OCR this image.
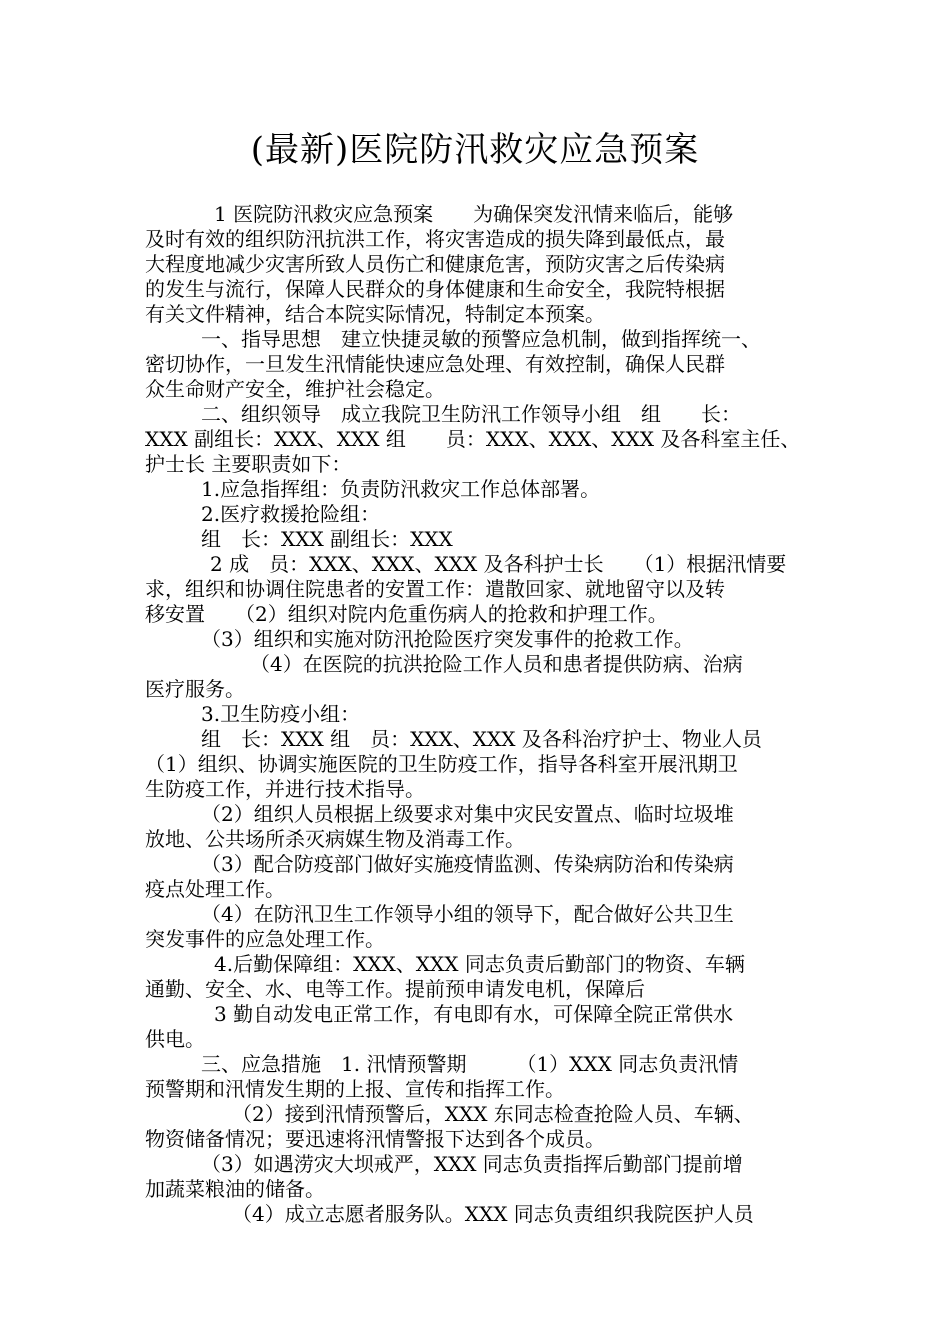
(最新)医院防汛救灾应急预案
1 医院防汛救灾应急预案　　为确保突发汛情来临后，能够
及时有效的组织防汛抗洪工作，将灾害造成的损失降到最低点，最
大程度地减少灾害所致人员伤亡和健康危害，预防灾害之后传染病
的发生与流行，保障人民群众的身体健康和生命安全，我院特根据
有关文件精神，结合本院实际情况，特制定本预案。
一、指导思想　建立快捷灵敏的预警应急机制，做到指挥统一、
密切协作，一旦发生汛情能快速应急处理、有效控制，确保人民群
众生命财产安全，维护社会稳定。
二、组织领导　成立我院卫生防汛工作领导小组　组　　长：
XXX 副组长：XXX、XXX 组　　员：XXX、XXX、XXX 及各科室主任、
护士长 主要职责如下：
1.应急指挥组：负责防汛救灾工作总体部署。
2.医疗救援抢险组：
组　长：XXX 副组长：XXX
2 成　员：XXX、XXX、XXX 及各科护士长　　（1）根据汛情要
求，组织和协调住院患者的安置工作：遣散回家、就地留守以及转
移安置　　（2）组织对院内危重伤病人的抢救和护理工作。
（3）组织和实施对防汛抢险医疗突发事件的抢救工作。
（4）在医院的抗洪抢险工作人员和患者提供防病、治病
医疗服务。
3.卫生防疫小组：
组　长：XXX 组　员：XXX、XXX 及各科治疗护士、物业人员
（1）组织、协调实施医院的卫生防疫工作，指导各科室开展汛期卫
生防疫工作，并进行技术指导。
（2）组织人员根据上级要求对集中灾民安置点、临时垃圾堆
放地、公共场所杀灭病媒生物及消毒工作。
（3）配合防疫部门做好实施疫情监测、传染病防治和传染病
疫点处理工作。
（4）在防汛卫生工作领导小组的领导下，配合做好公共卫生
突发事件的应急处理工作。
4.后勤保障组：XXX、XXX 同志负责后勤部门的物资、车辆
通勤、安全、水、电等工作。提前预申请发电机，保障后
3 勤自动发电正常工作，有电即有水，可保障全院正常供水
供电。
三、应急措施　1. 汛情预警期　　　（1）XXX 同志负责汛情
预警期和汛情发生期的上报、宣传和指挥工作。
（2）接到汛情预警后，XXX 东同志检查抢险人员、车辆、
物资储备情况；要迅速将汛情警报下达到各个成员。
（3）如遇涝灾大坝戒严，XXX 同志负责指挥后勤部门提前增
加蔬菜粮油的储备。
（4）成立志愿者服务队。XXX 同志负责组织我院医护人员
